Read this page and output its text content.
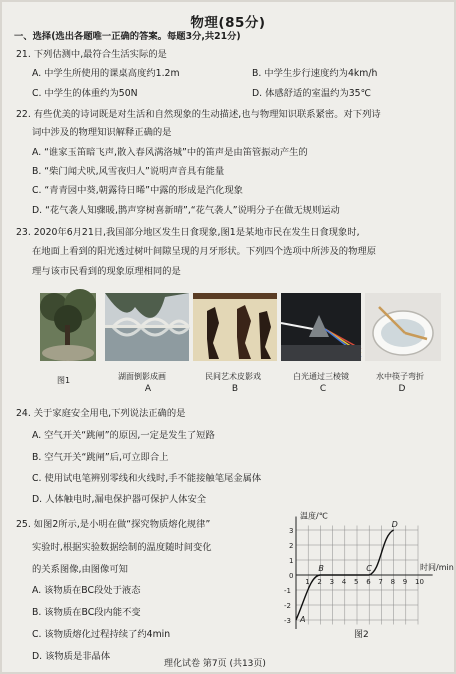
物理(85分)
一、选择(选出各题唯一正确的答案。每题3分,共21分)
21. 下列估测中,最符合生活实际的是
A. 中学生所使用的课桌高度约1.2m	B. 中学生步行速度约为4km/h
C. 中学生的体重约为50N	D. 体感舒适的室温约为35℃
22. 有些优美的诗词既是对生活和自然现象的生动描述,也与物理知识联系紧密。对下列诗
词中涉及的物理知识解释正确的是
A. “谁家玉笛暗飞声,散入春风满洛城”中的笛声是由笛管振动产生的
B. “柴门闻犬吠,风雪夜归人”说明声音具有能量
C. “青青园中葵,朝露待日晞”中露的形成是汽化现象
D. “花气袭人知骤暖,鹊声穿树喜新晴”,“花气袭人”说明分子在做无规则运动
23. 2020年6月21日,我国部分地区发生日食现象,图1是某地市民在发生日食现象时,
在地面上看到的阳光透过树叶间隙呈现的月牙形状。下列四个选项中所涉及的物理原
理与该市民看到的现象原理相同的是
图1	湖面倒影成画
A
民间艺术皮影戏
B
白光通过三棱镜
C
水中筷子弯折
D
24. 关于家庭安全用电,下列说法正确的是
A. 空气开关“跳闸”的原因,一定是发生了短路
B. 空气开关“跳闸”后,可立即合上
C. 使用试电笔辨别零线和火线时,手不能接触笔尾金属体
D. 人体触电时,漏电保护器可保护人体安全
25. 如图2所示,是小明在做“探究物质熔化规律”
实验时,根据实验数据绘制的温度随时间变化
的关系图像,由图像可知
A. 该物质在BC段处于液态
B. 该物质在BC段内能不变
C. 该物质熔化过程持续了约4min
D. 该物质是非晶体
温度/℃
时间/min
1 2 3 4 5 6 7 8 9 10
3
2
1
0
-1
-2
-3 A
B	C
D
图2
理化试卷 第7页 (共13页)
